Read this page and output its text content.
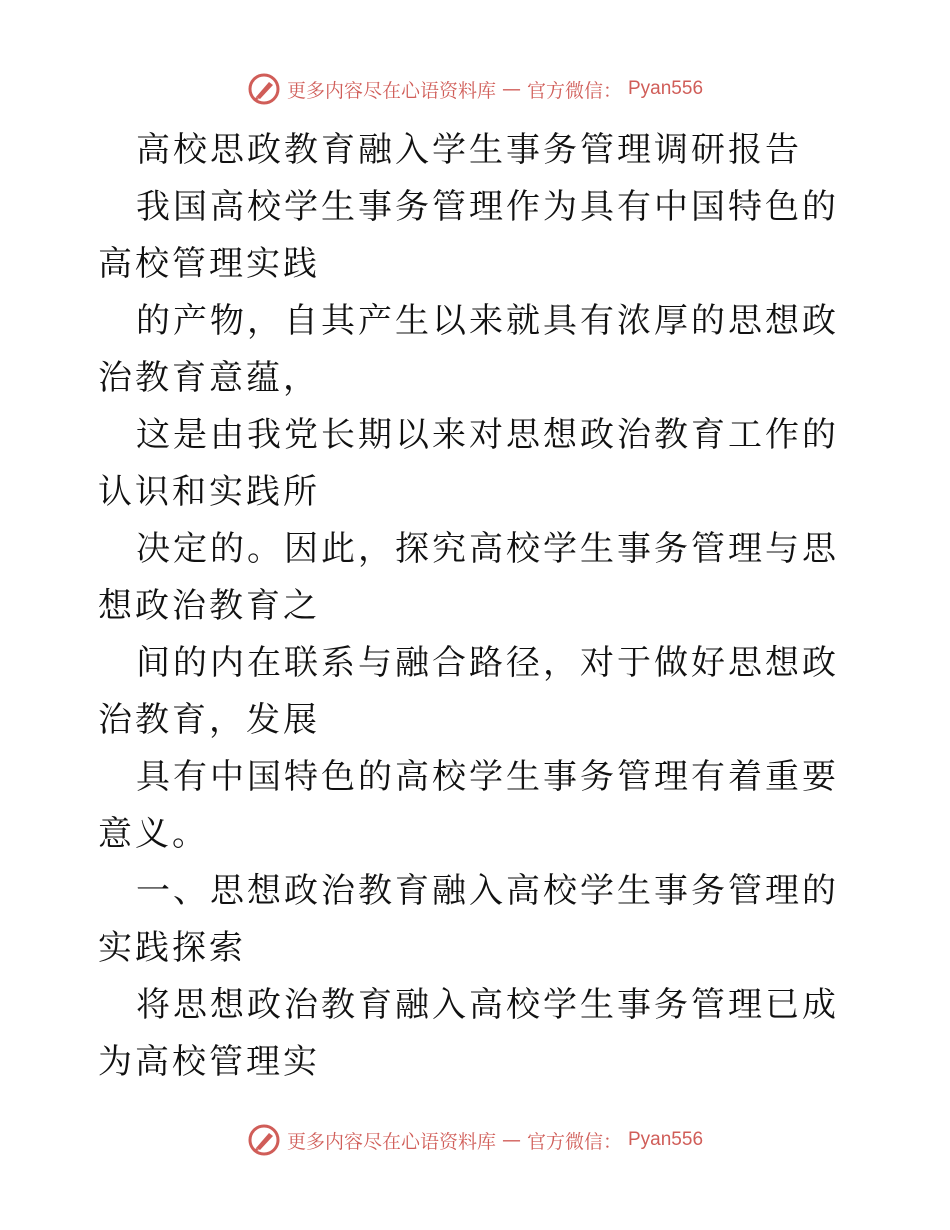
更多内容尽在心语资料库 — 官方微信： Pyan556

高校思政教育融入学生事务管理调研报告

我国高校学生事务管理作为具有中国特色的高校管理实践

的产物，自其产生以来就具有浓厚的思想政治教育意蕴，

这是由我党长期以来对思想政治教育工作的认识和实践所

决定的。因此，探究高校学生事务管理与思想政治教育之

间的内在联系与融合路径，对于做好思想政治教育，发展

具有中国特色的高校学生事务管理有着重要意义。

一、思想政治教育融入高校学生事务管理的实践探索

将思想政治教育融入高校学生事务管理已成为高校管理实

更多内容尽在心语资料库 — 官方微信： Pyan556
